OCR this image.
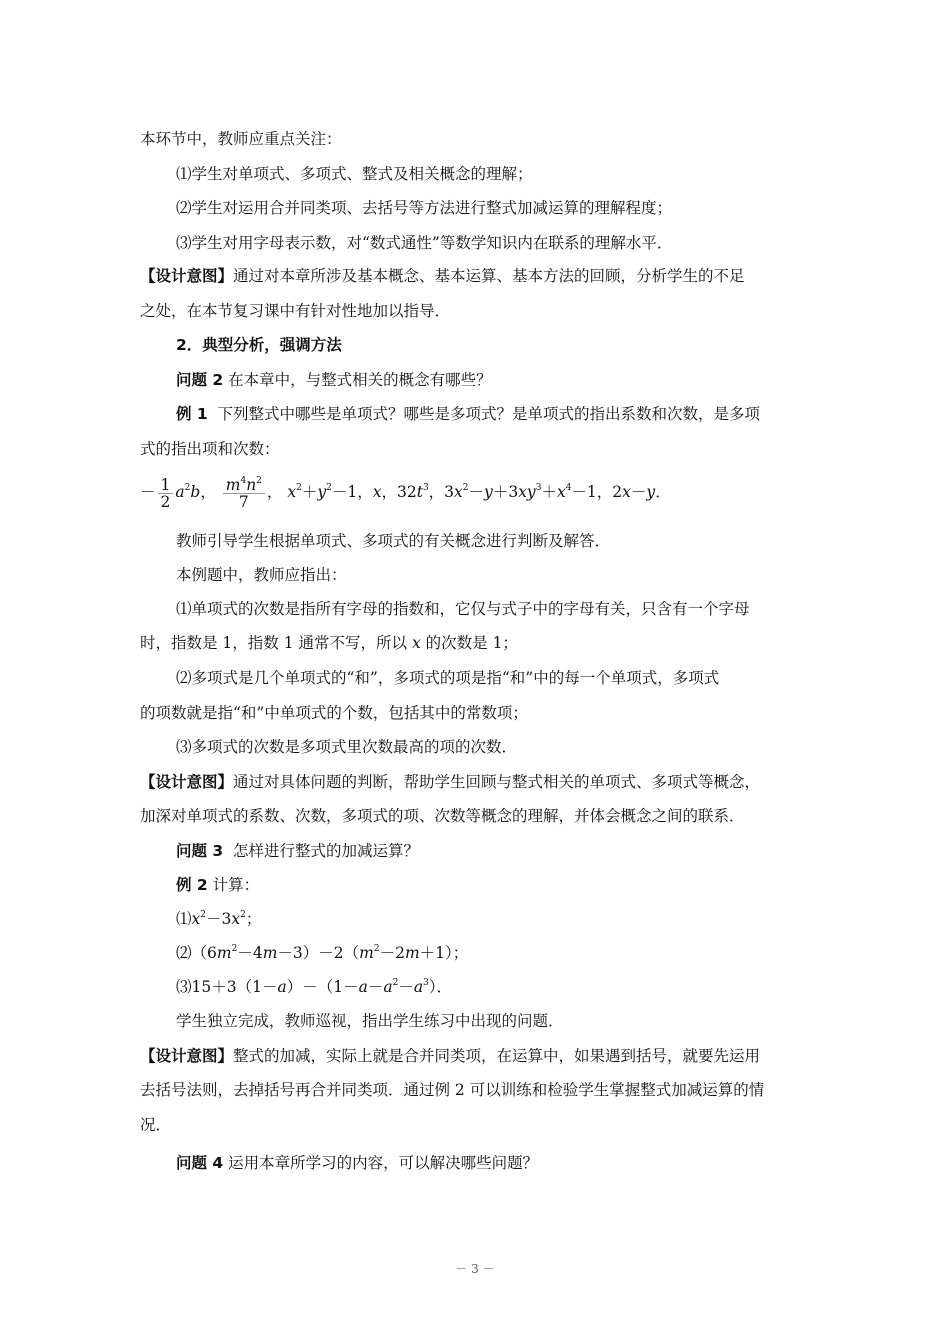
本环节中，教师应重点关注：
⑴学生对单项式、多项式、整式及相关概念的理解；
⑵学生对运用合并同类项、去括号等方法进行整式加减运算的理解程度；
⑶学生对用字母表示数，对“数式通性”等数学知识内在联系的理解水平．
【设计意图】通过对本章所涉及基本概念、基本运算、基本方法的回顾，分析学生的不足
之处，在本节复习课中有针对性地加以指导．
2．典型分析，强调方法
问题 2 在本章中，与整式相关的概念有哪些？
例 1 下列整式中哪些是单项式？哪些是多项式？是单项式的指出系数和次数，是多项
式的指出项和次数：
－ $\frac{1}{2} a^2b$， $\frac{m^4n^2}{7}$ ， $x^2+y^2-1$，x，$32t^3$，$3x^2-y+3xy^3+x^4-1$，2x－y．
教师引导学生根据单项式、多项式的有关概念进行判断及解答．
本例题中，教师应指出：
⑴单项式的次数是指所有字母的指数和，它仅与式子中的字母有关，只含有一个字母
时，指数是 1，指数 1 通常不写，所以 x 的次数是 1；
⑵多项式是几个单项式的“和”，多项式的项是指“和”中的每一个单项式，多项式
的项数就是指“和”中单项式的个数，包括其中的常数项；
⑶多项式的次数是多项式里次数最高的项的次数．
【设计意图】通过对具体问题的判断，帮助学生回顾与整式相关的单项式、多项式等概念，
加深对单项式的系数、次数，多项式的项、次数等概念的理解，并体会概念之间的联系．
问题 3 怎样进行整式的加减运算？
例 2 计算：
$⑴x^2-3x^2$；
$⑵(6m^2-4m-3)-2(m^2-2m+1)$；
$⑶15+3(1-a)-(1-a-a^2-a^3)$．
学生独立完成，教师巡视，指出学生练习中出现的问题．
【设计意图】整式的加减，实际上就是合并同类项，在运算中，如果遇到括号，就要先运用
去括号法则，去掉括号再合并同类项．通过例 2 可以训练和检验学生掌握整式加减运算的情
况．
问题 4 运用本章所学习的内容，可以解决哪些问题？
－ 3 －
